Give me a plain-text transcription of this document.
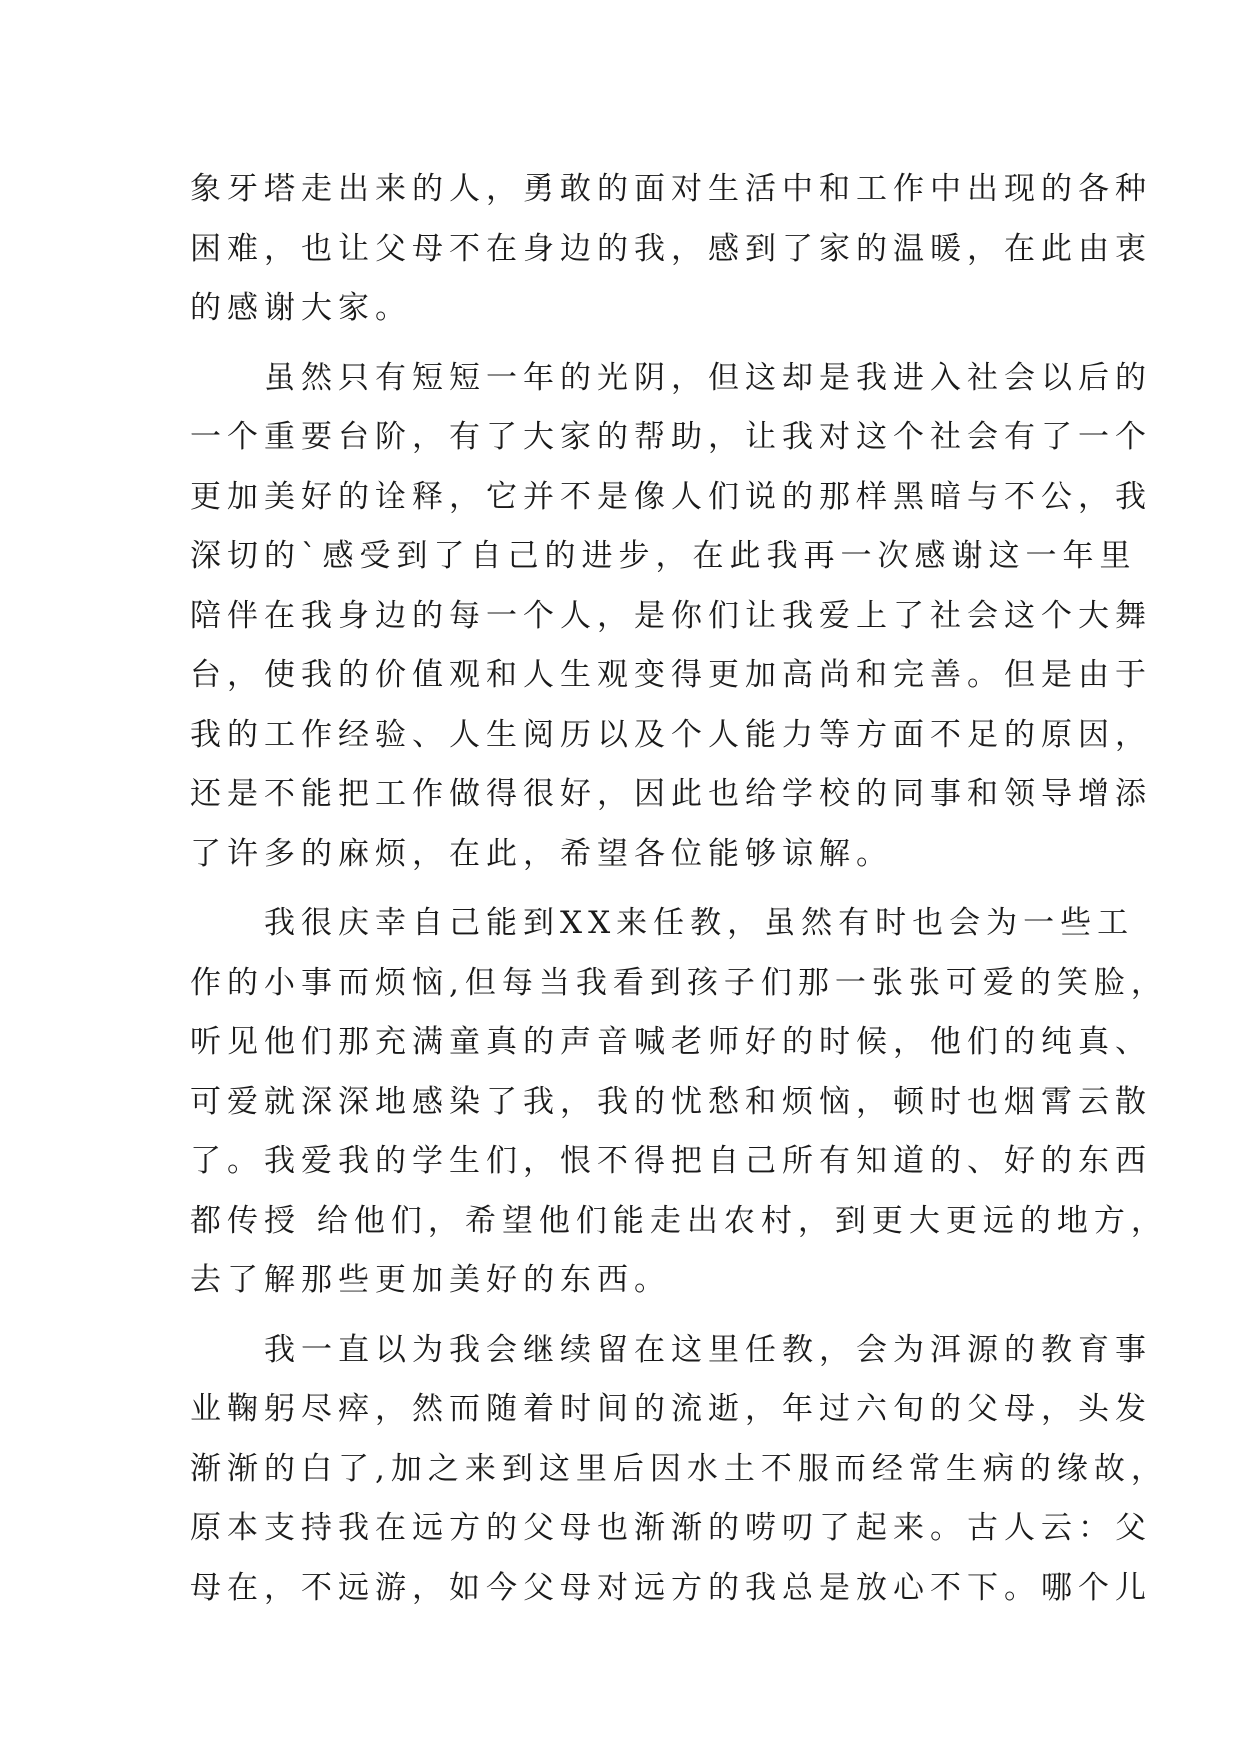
象牙塔走出来的人，勇敢的面对生活中和工作中出现的各种
困难，也让父母不在身边的我，感到了家的温暖，在此由衷
的感谢大家。
　　虽然只有短短一年的光阴，但这却是我进入社会以后的
一个重要台阶，有了大家的帮助，让我对这个社会有了一个
更加美好的诠释，它并不是像人们说的那样黑暗与不公，我
深切的`感受到了自己的进步，在此我再一次感谢这一年里
陪伴在我身边的每一个人，是你们让我爱上了社会这个大舞
台，使我的价值观和人生观变得更加高尚和完善。但是由于
我的工作经验、人生阅历以及个人能力等方面不足的原因，
还是不能把工作做得很好，因此也给学校的同事和领导增添
了许多的麻烦，在此，希望各位能够谅解。
　　我很庆幸自己能到XX来任教，虽然有时也会为一些工
作的小事而烦恼,但每当我看到孩子们那一张张可爱的笑脸，
听见他们那充满童真的声音喊老师好的时候，他们的纯真、
可爱就深深地感染了我，我的忧愁和烦恼，顿时也烟霄云散
了。我爱我的学生们，恨不得把自己所有知道的、好的东西
都传授 给他们，希望他们能走出农村，到更大更远的地方，
去了解那些更加美好的东西。
　　我一直以为我会继续留在这里任教，会为洱源的教育事
业鞠躬尽瘁，然而随着时间的流逝，年过六旬的父母，头发
渐渐的白了,加之来到这里后因水土不服而经常生病的缘故，
原本支持我在远方的父母也渐渐的唠叨了起来。古人云：父
母在，不远游，如今父母对远方的我总是放心不下。哪个儿
